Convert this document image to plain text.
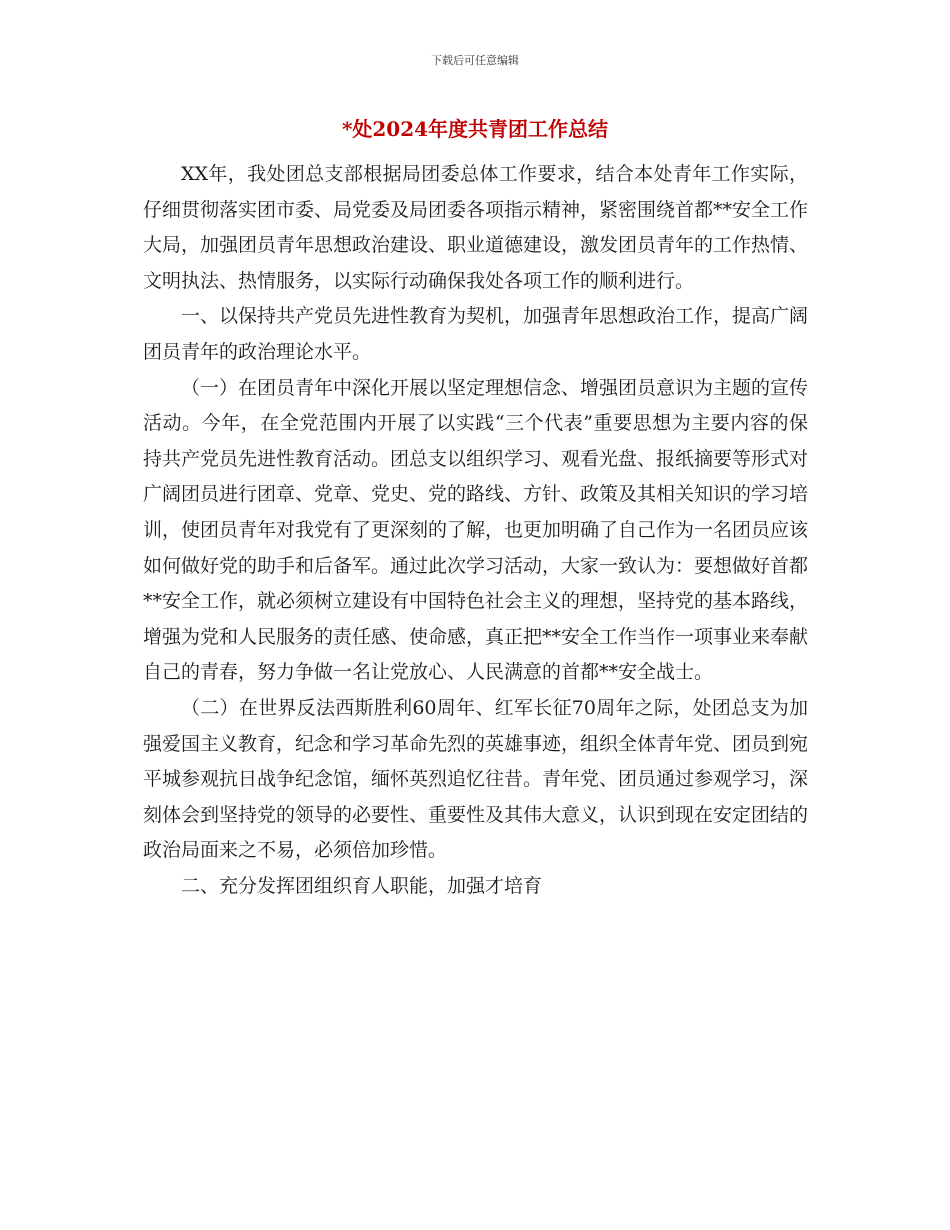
下载后可任意编辑
*处2024年度共青团工作总结

XX年，我处团总支部根据局团委总体工作要求，结合本处青年工作实际，仔细贯彻落实团市委、局党委及局团委各项指示精神，紧密围绕首都**安全工作大局，加强团员青年思想政治建设、职业道德建设，激发团员青年的工作热情、文明执法、热情服务，以实际行动确保我处各项工作的顺利进行。

一、以保持共产党员先进性教育为契机，加强青年思想政治工作，提高广阔团员青年的政治理论水平。

（一）在团员青年中深化开展以坚定理想信念、增强团员意识为主题的宣传活动。今年，在全党范围内开展了以实践“三个代表”重要思想为主要内容的保持共产党员先进性教育活动。团总支以组织学习、观看光盘、报纸摘要等形式对广阔团员进行团章、党章、党史、党的路线、方针、政策及其相关知识的学习培训，使团员青年对我党有了更深刻的了解，也更加明确了自己作为一名团员应该如何做好党的助手和后备军。通过此次学习活动，大家一致认为：要想做好首都**安全工作，就必须树立建设有中国特色社会主义的理想，坚持党的基本路线，增强为党和人民服务的责任感、使命感，真正把**安全工作当作一项事业来奉献自己的青春，努力争做一名让党放心、人民满意的首都**安全战士。

（二）在世界反法西斯胜利60周年、红军长征70周年之际，处团总支为加强爱国主义教育，纪念和学习革命先烈的英雄事迹，组织全体青年党、团员到宛平城参观抗日战争纪念馆，缅怀英烈追忆往昔。青年党、团员通过参观学习，深刻体会到坚持党的领导的必要性、重要性及其伟大意义，认识到现在安定团结的政治局面来之不易，必须倍加珍惜。

二、充分发挥团组织育人职能，加强才培育
